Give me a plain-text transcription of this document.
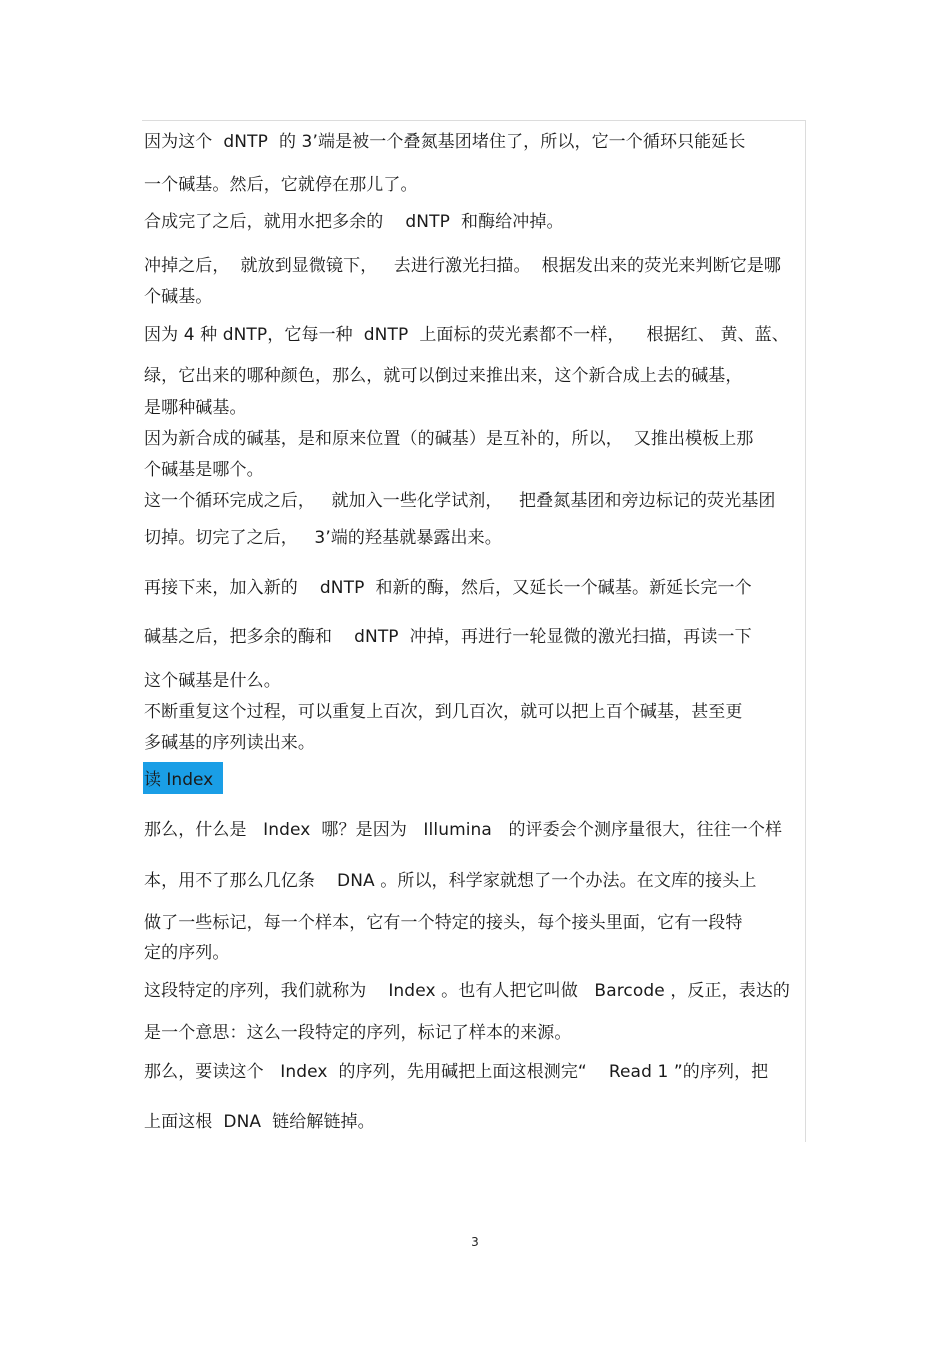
因为这个  dNTP  的 3’端是被一个叠氮基团堵住了，所以，它一个循环只能延长
一个碱基。然后，它就停在那儿了。
合成完了之后，就用水把多余的    dNTP  和酶给冲掉。
冲掉之后，  就放到显微镜下，   去进行激光扫描。  根据发出来的荧光来判断它是哪
个碱基。
因为 4 种 dNTP，它每一种  dNTP  上面标的荧光素都不一样，    根据红、 黄、蓝、
绿，它出来的哪种颜色，那么，就可以倒过来推出来，这个新合成上去的碱基，
是哪种碱基。
因为新合成的碱基，是和原来位置（的碱基）是互补的，所以，  又推出模板上那
个碱基是哪个。
这一个循环完成之后，   就加入一些化学试剂，   把叠氮基团和旁边标记的荧光基团
切掉。切完了之后，   3’端的羟基就暴露出来。
再接下来，加入新的    dNTP  和新的酶，然后，又延长一个碱基。新延长完一个
碱基之后，把多余的酶和    dNTP  冲掉，再进行一轮显微的激光扫描，再读一下
这个碱基是什么。
不断重复这个过程，可以重复上百次，到几百次，就可以把上百个碱基，甚至更
多碱基的序列读出来。
读 Index
那么，什么是   Index  哪？是因为   Illumina   的评委会个测序量很大，往往一个样
本，用不了那么几亿条    DNA 。所以，科学家就想了一个办法。在文库的接头上
做了一些标记，每一个样本，它有一个特定的接头，每个接头里面，它有一段特
定的序列。
这段特定的序列，我们就称为    Index 。也有人把它叫做   Barcode ，反正，表达的
是一个意思：这么一段特定的序列，标记了样本的来源。
那么，要读这个   Index  的序列，先用碱把上面这根测完“    Read 1 ”的序列，把
上面这根  DNA  链给解链掉。
3
